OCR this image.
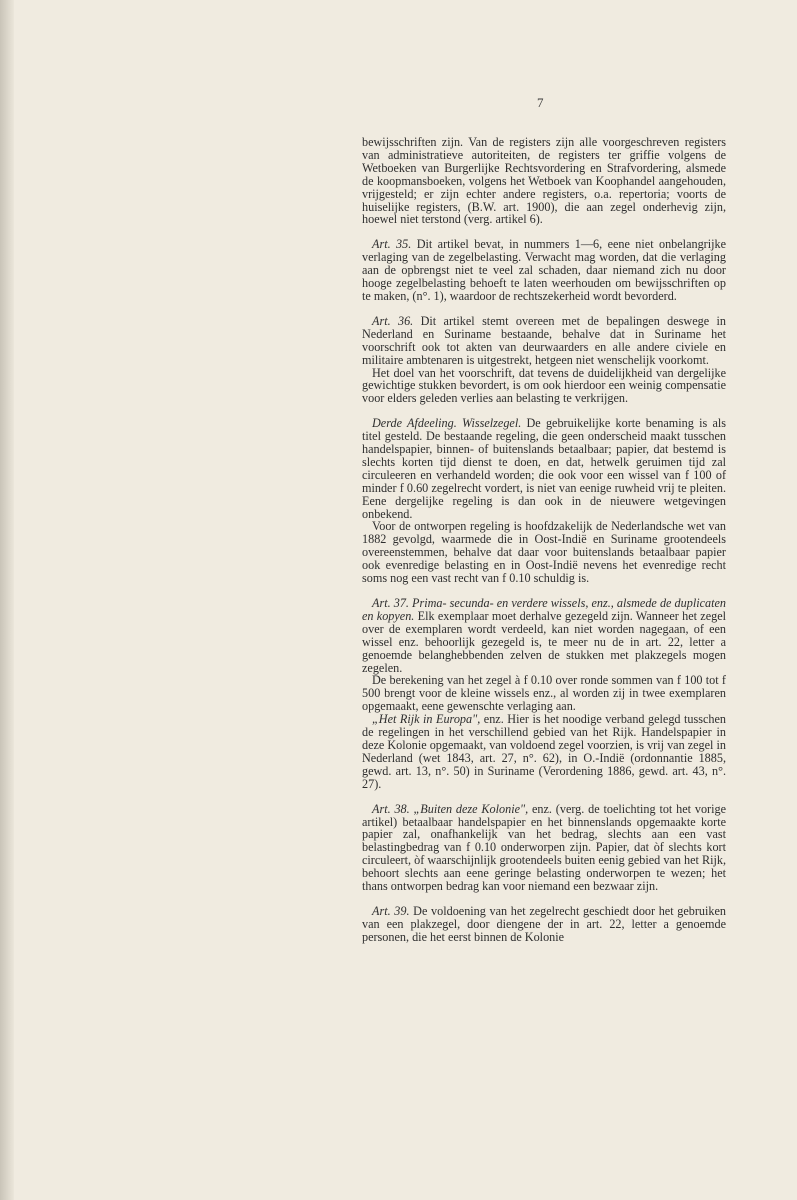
7

bewijsschriften zijn. Van de registers zijn alle voorgeschreven registers van administratieve autoriteiten, de registers ter griffie volgens de Wetboeken van Burgerlijke Rechtsvordering en Strafvordering, alsmede de koopmansboeken, volgens het Wetboek van Koophandel aangehouden, vrijgesteld; er zijn echter andere registers, o.a. repertoria; voorts de huiselijke registers, (B.W. art. 1900), die aan zegel onderhevig zijn, hoewel niet terstond (verg. artikel 6).

Art. 35. Dit artikel bevat, in nummers 1—6, eene niet onbelangrijke verlaging van de zegelbelasting. Verwacht mag worden, dat die verlaging aan de opbrengst niet te veel zal schaden, daar niemand zich nu door hooge zegelbelasting behoeft te laten weerhouden om bewijsschriften op te maken, (n°. 1), waardoor de rechtszekerheid wordt bevorderd.

Art. 36. Dit artikel stemt overeen met de bepalingen deswege in Nederland en Suriname bestaande, behalve dat in Suriname het voorschrift ook tot akten van deurwaarders en alle andere civiele en militaire ambtenaren is uitgestrekt, hetgeen niet wenschelijk voorkomt.

Het doel van het voorschrift, dat tevens de duidelijkheid van dergelijke gewichtige stukken bevordert, is om ook hierdoor een weinig compensatie voor elders geleden verlies aan belasting te verkrijgen.

Derde Afdeeling. Wisselzegel. De gebruikelijke korte benaming is als titel gesteld. De bestaande regeling, die geen onderscheid maakt tusschen handelspapier, binnen- of buitenslands betaalbaar; papier, dat bestemd is slechts korten tijd dienst te doen, en dat, hetwelk geruimen tijd zal circuleeren en verhandeld worden; die ook voor een wissel van f 100 of minder f 0.60 zegelrecht vordert, is niet van eenige ruwheid vrij te pleiten. Eene dergelijke regeling is dan ook in de nieuwere wetgevingen onbekend.

Voor de ontworpen regeling is hoofdzakelijk de Nederlandsche wet van 1882 gevolgd, waarmede die in Oost-Indië en Suriname grootendeels overeenstemmen, behalve dat daar voor buitenslands betaalbaar papier ook evenredige belasting en in Oost-Indië nevens het evenredige recht soms nog een vast recht van f 0.10 schuldig is.

Art. 37. Prima- secunda- en verdere wissels, enz., alsmede de duplicaten en kopyen. Elk exemplaar moet derhalve gezegeld zijn. Wanneer het zegel over de exemplaren wordt verdeeld, kan niet worden nagegaan, of een wissel enz. behoorlijk gezegeld is, te meer nu de in art. 22, letter a genoemde belanghebbenden zelven de stukken met plakzegels mogen zegelen.

De berekening van het zegel à f 0.10 over ronde sommen van f 100 tot f 500 brengt voor de kleine wissels enz., al worden zij in twee exemplaren opgemaakt, eene gewenschte verlaging aan.

„Het Rijk in Europa", enz. Hier is het noodige verband gelegd tusschen de regelingen in het verschillend gebied van het Rijk. Handelspapier in deze Kolonie opgemaakt, van voldoend zegel voorzien, is vrij van zegel in Nederland (wet 1843, art. 27, n°. 62), in O.-Indië (ordonnantie 1885, gewd. art. 13, n°. 50) in Suriname (Verordening 1886, gewd. art. 43, n°. 27).

Art. 38. „Buiten deze Kolonie", enz. (verg. de toelichting tot het vorige artikel) betaalbaar handelspapier en het binnenslands opgemaakte korte papier zal, onafhankelijk van het bedrag, slechts aan een vast belastingbedrag van f 0.10 onderworpen zijn. Papier, dat òf slechts kort circuleert, òf waarschijnlijk grootendeels buiten eenig gebied van het Rijk, behoort slechts aan eene geringe belasting onderworpen te wezen; het thans ontworpen bedrag kan voor niemand een bezwaar zijn.

Art. 39. De voldoening van het zegelrecht geschiedt door het gebruiken van een plakzegel, door diengene der in art. 22, letter a genoemde personen, die het eerst binnen de Kolonie
